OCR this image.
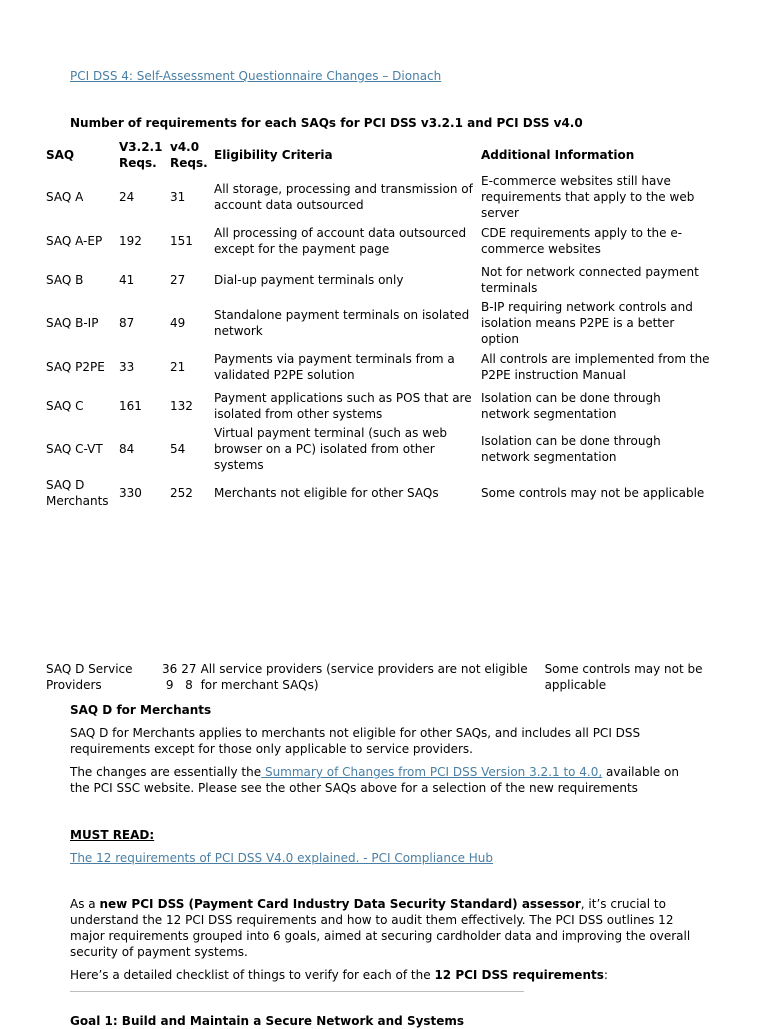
PCI DSS 4: Self-Assessment Questionnaire Changes – Dionach
Number of requirements for each SAQs for PCI DSS v3.2.1 and PCI DSS v4.0
SAQ	V3.2.1 Reqs.	v4.0 Reqs.	Eligibility Criteria	Additional Information
SAQ A	24	31	All storage, processing and transmission of account data outsourced	E-commerce websites still have requirements that apply to the web server
SAQ A-EP	192	151	All processing of account data outsourced except for the payment page	CDE requirements apply to the e-commerce websites
SAQ B	41	27	Dial-up payment terminals only	Not for network connected payment terminals
SAQ B-IP	87	49	Standalone payment terminals on isolated network	B-IP requiring network controls and isolation means P2PE is a better option
SAQ P2PE	33	21	Payments via payment terminals from a validated P2PE solution	All controls are implemented from the P2PE instruction Manual
SAQ C	161	132	Payment applications such as POS that are isolated from other systems	Isolation can be done through network segmentation
SAQ C-VT	84	54	Virtual payment terminal (such as web browser on a PC) isolated from other systems	Isolation can be done through network segmentation
SAQ D Merchants	330	252	Merchants not eligible for other SAQs	Some controls may not be applicable
SAQ D Service Providers	36 9	27 8	All service providers (service providers are not eligible for merchant SAQs)	Some controls may not be applicable
SAQ D for Merchants
SAQ D for Merchants applies to merchants not eligible for other SAQs, and includes all PCI DSS requirements except for those only applicable to service providers.
The changes are essentially the Summary of Changes from PCI DSS Version 3.2.1 to 4.0, available on the PCI SSC website. Please see the other SAQs above for a selection of the new requirements
MUST READ:
The 12 requirements of PCI DSS V4.0 explained. - PCI Compliance Hub
As a new PCI DSS (Payment Card Industry Data Security Standard) assessor, it’s crucial to understand the 12 PCI DSS requirements and how to audit them effectively. The PCI DSS outlines 12 major requirements grouped into 6 goals, aimed at securing cardholder data and improving the overall security of payment systems.
Here’s a detailed checklist of things to verify for each of the 12 PCI DSS requirements:
Goal 1: Build and Maintain a Secure Network and Systems
